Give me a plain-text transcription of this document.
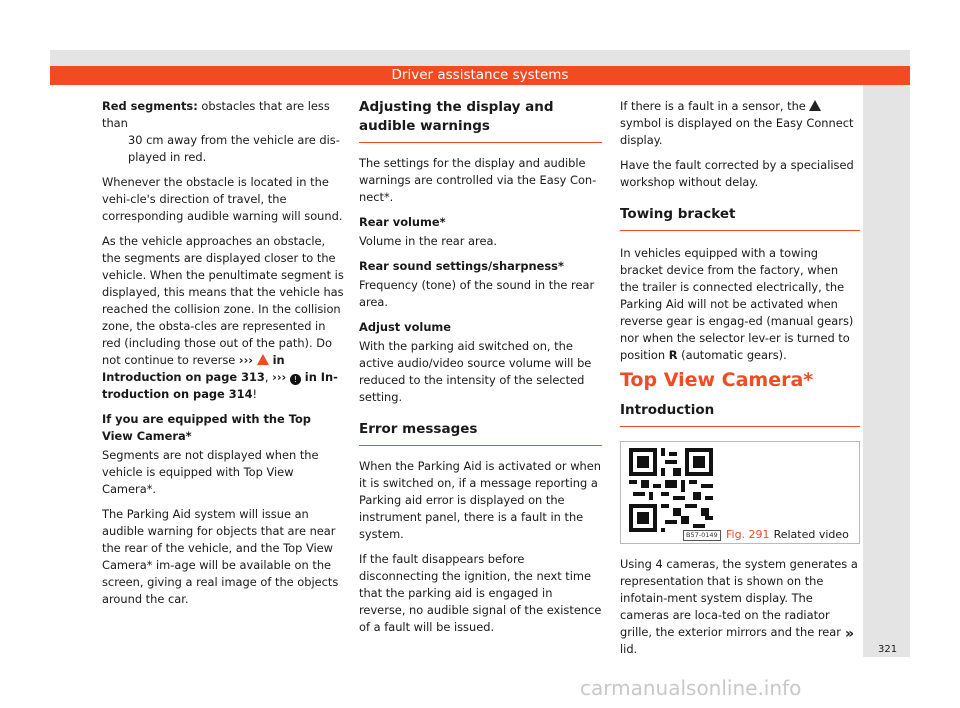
Driver assistance systems
Red segments: obstacles that are less than
30 cm away from the vehicle are dis-played in red.

Whenever the obstacle is located in the vehi-cle's direction of travel, the corresponding audible warning will sound.

As the vehicle approaches an obstacle, the segments are displayed closer to the vehicle. When the penultimate segment is displayed, this means that the vehicle has reached the collision zone. In the collision zone, the obsta-cles are represented in red (including those out of the path). Do not continue to reverse ›››  in Introduction on page 313, ››› ! in In-troduction on page 314!

If you are equipped with the Top View Camera*

Segments are not displayed when the vehicle is equipped with Top View Camera*.

The Parking Aid system will issue an audible warning for objects that are near the rear of the vehicle, and the Top View Camera* im-age will be available on the screen, giving a real image of the objects around the car.

Adjusting the display and audible warnings

The settings for the display and audible warnings are controlled via the Easy Con-nect*.

Rear volume*

Volume in the rear area.

Rear sound settings/sharpness*

Frequency (tone) of the sound in the rear area.

Adjust volume

With the parking aid switched on, the active audio/video source volume will be reduced to the intensity of the selected setting.

Error messages

When the Parking Aid is activated or when it is switched on, if a message reporting a Parking aid error is displayed on the instrument panel, there is a fault in the system.

If the fault disappears before disconnecting the ignition, the next time that the parking aid is engaged in reverse, no audible signal of the existence of a fault will be issued.

If there is a fault in a sensor, the  symbol is displayed on the Easy Connect display.

Have the fault corrected by a specialised workshop without delay.

Towing bracket

In vehicles equipped with a towing bracket device from the factory, when the trailer is connected electrically, the Parking Aid will not be activated when reverse gear is engag-ed (manual gears) nor when the selector lev-er is turned to position R (automatic gears).

Top View Camera*
Introduction
B57-0149 Fig. 291 Related video

Using 4 cameras, the system generates a representation that is shown on the infotain-ment system display. The cameras are loca-ted on the radiator grille, the exterior mirrors and the rear lid.

»
321
carmanualsonline.info
